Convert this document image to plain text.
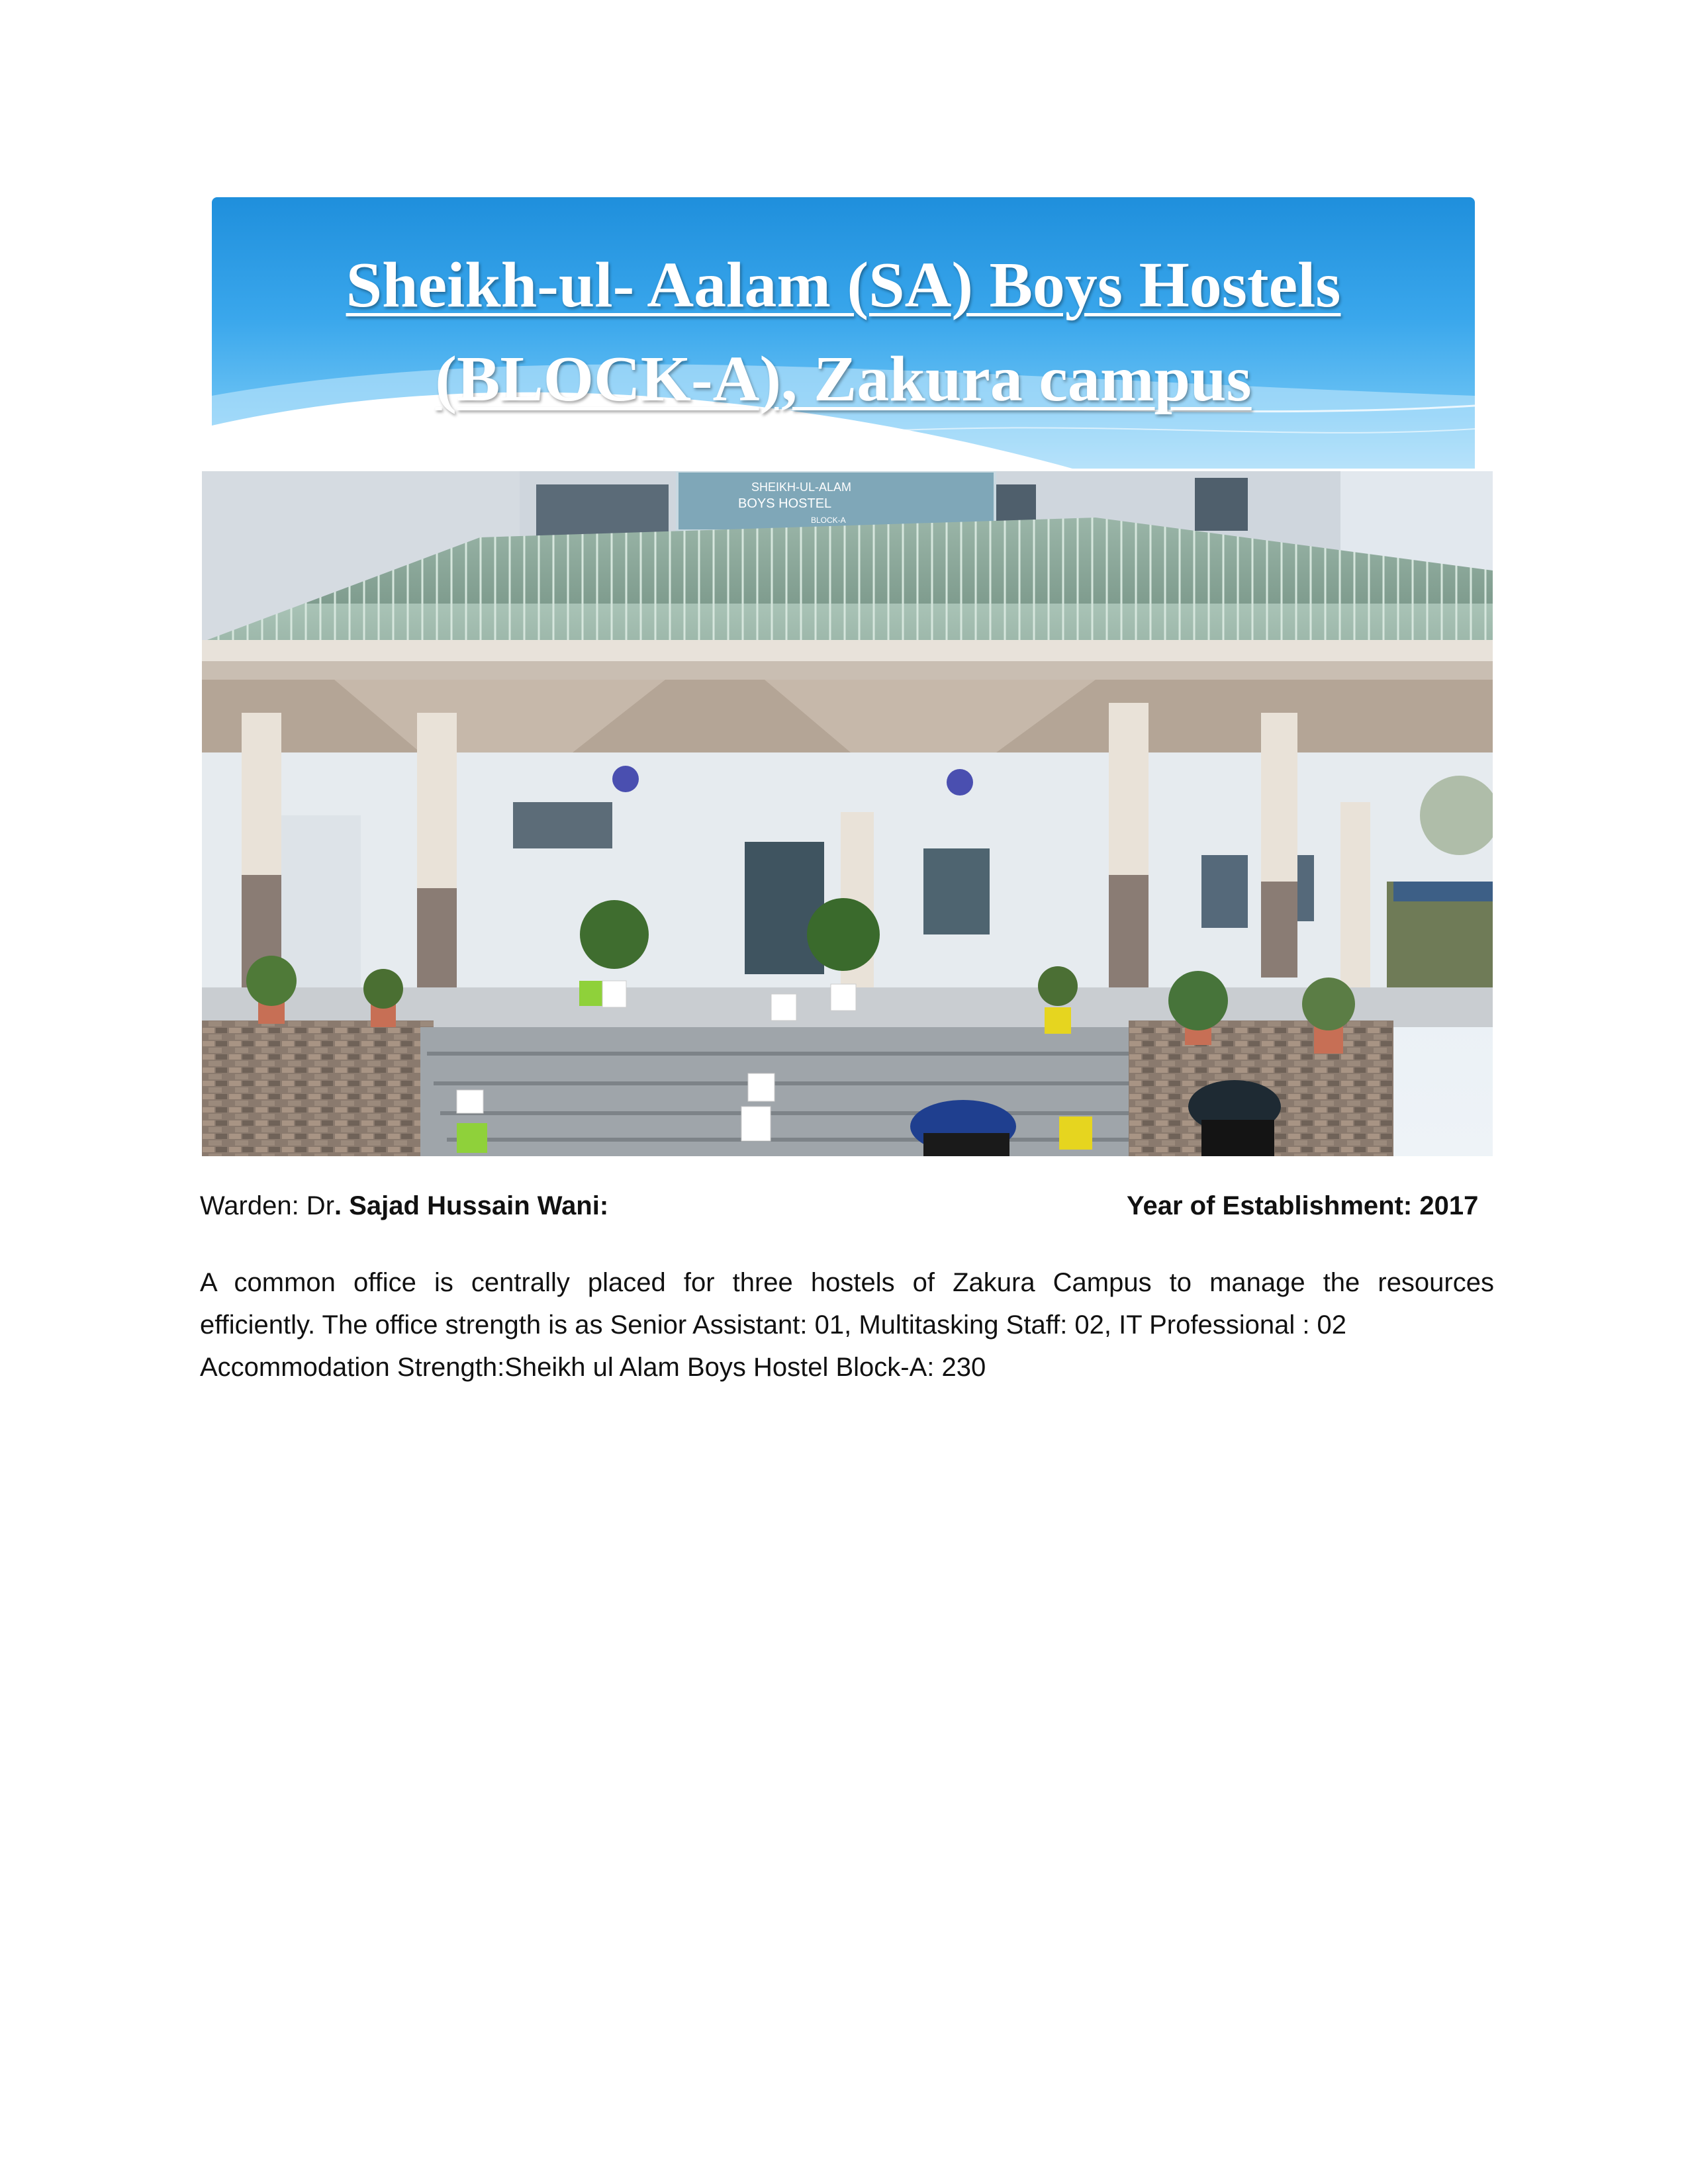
Sheikh-ul- Aalam (SA) Boys Hostels
(BLOCK-A), Zakura campus
SHEIKH-UL-ALAM
BOYS HOSTEL
BLOCK-A
Warden: Dr. Sajad Hussain Wani:	Year of Establishment: 2017
A common office is centrally placed for three hostels of Zakura Campus to manage the resources
efficiently. The office strength is as Senior Assistant: 01, Multitasking Staff: 02, IT Professional : 02
Accommodation Strength:Sheikh ul Alam Boys Hostel Block-A: 230
